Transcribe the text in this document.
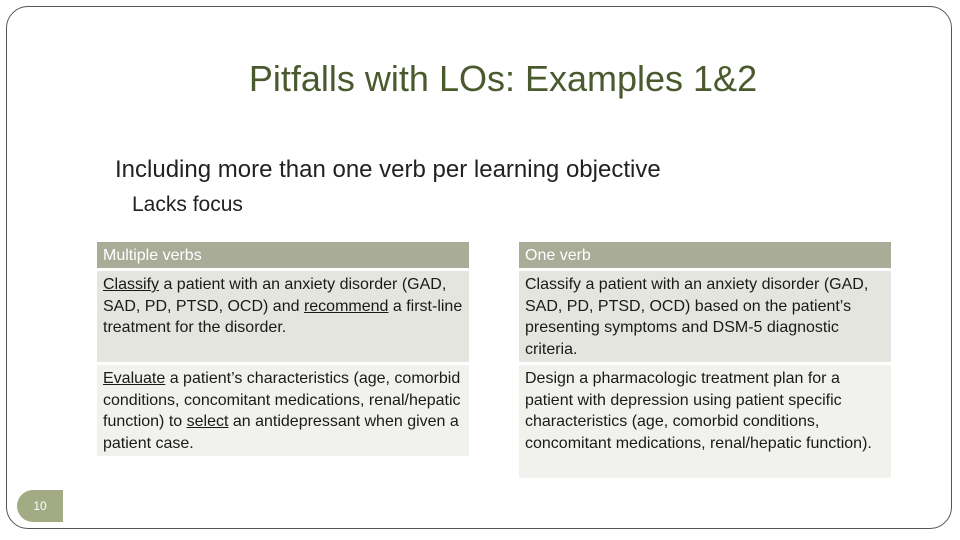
Pitfalls with LOs: Examples 1&2
Including more than one verb per learning objective
Lacks focus
Multiple verbs
Classify a patient with an anxiety disorder (GAD, SAD, PD, PTSD, OCD) and recommend a first-line treatment for the disorder.
Evaluate a patient’s characteristics (age, comorbid conditions, concomitant medications, renal/hepatic function) to select an antidepressant when given a patient case.
One verb
Classify a patient with an anxiety disorder (GAD, SAD, PD, PTSD, OCD) based on the patient’s presenting symptoms and DSM-5 diagnostic criteria.
Design a pharmacologic treatment plan for a patient with depression using patient specific characteristics (age, comorbid conditions, concomitant medications, renal/hepatic function).
10
